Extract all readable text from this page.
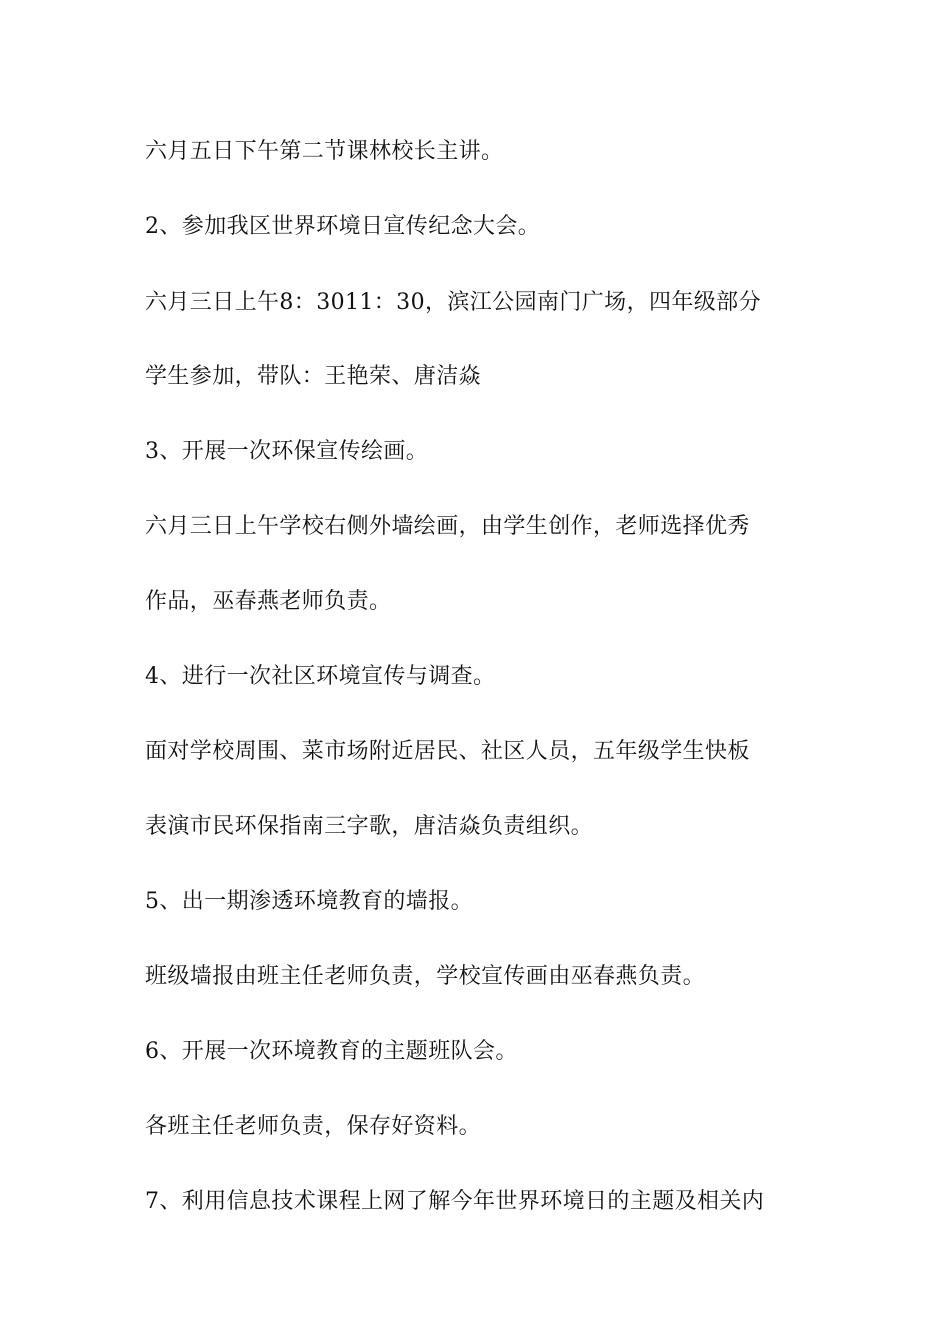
六月五日下午第二节课林校长主讲。

2、参加我区世界环境日宣传纪念大会。

六月三日上午8：3011：30，滨江公园南门广场，四年级部分

学生参加，带队：王艳荣、唐洁焱

3、开展一次环保宣传绘画。

六月三日上午学校右侧外墙绘画，由学生创作，老师选择优秀

作品，巫春燕老师负责。

4、进行一次社区环境宣传与调查。

面对学校周围、菜市场附近居民、社区人员，五年级学生快板

表演市民环保指南三字歌，唐洁焱负责组织。

5、出一期渗透环境教育的墙报。

班级墙报由班主任老师负责，学校宣传画由巫春燕负责。

6、开展一次环境教育的主题班队会。

各班主任老师负责，保存好资料。

7、利用信息技术课程上网了解今年世界环境日的主题及相关内
